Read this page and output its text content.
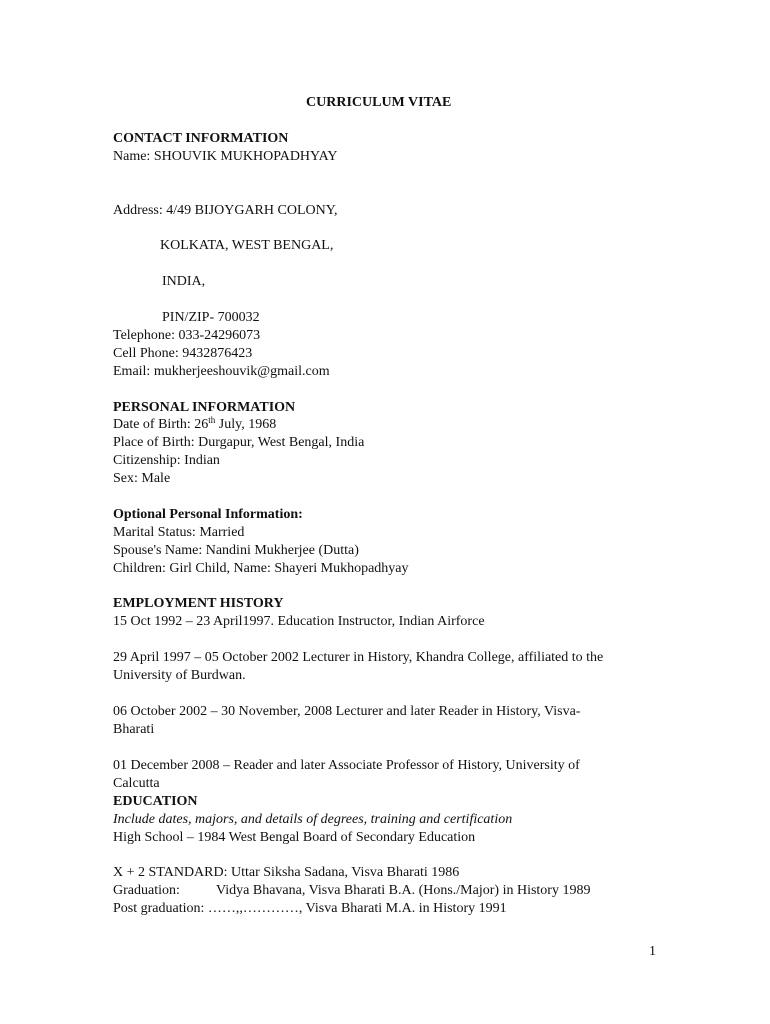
CURRICULUM VITAE
CONTACT INFORMATION
Name: SHOUVIK MUKHOPADHYAY
Address: 4/49 BIJOYGARH COLONY,
KOLKATA, WEST BENGAL,
INDIA,
PIN/ZIP- 700032
Telephone: 033-24296073
Cell Phone: 9432876423
Email: mukherjeeshouvik@gmail.com
PERSONAL INFORMATION
Date of Birth: 26th July, 1968
Place of Birth: Durgapur, West Bengal, India
Citizenship: Indian
Sex: Male
Optional Personal Information:
Marital Status: Married
Spouse's Name: Nandini Mukherjee (Dutta)
Children: Girl Child, Name: Shayeri Mukhopadhyay
EMPLOYMENT HISTORY
15 Oct 1992 – 23 April1997. Education Instructor, Indian Airforce
29 April 1997 – 05 October 2002 Lecturer in History, Khandra College, affiliated to the
University of Burdwan.
06 October 2002 – 30 November, 2008 Lecturer and later Reader in History, Visva-
Bharati
01 December 2008 – Reader and later Associate Professor of History, University of
Calcutta
EDUCATION
Include dates, majors, and details of degrees, training and certification
High School – 1984 West Bengal Board of Secondary Education
X + 2 STANDARD: Uttar Siksha Sadana, Visva Bharati 1986
Graduation:	Vidya Bhavana, Visva Bharati B.A. (Hons./Major) in History 1989
Post graduation: ……,,…………, Visva Bharati M.A. in History 1991
1
